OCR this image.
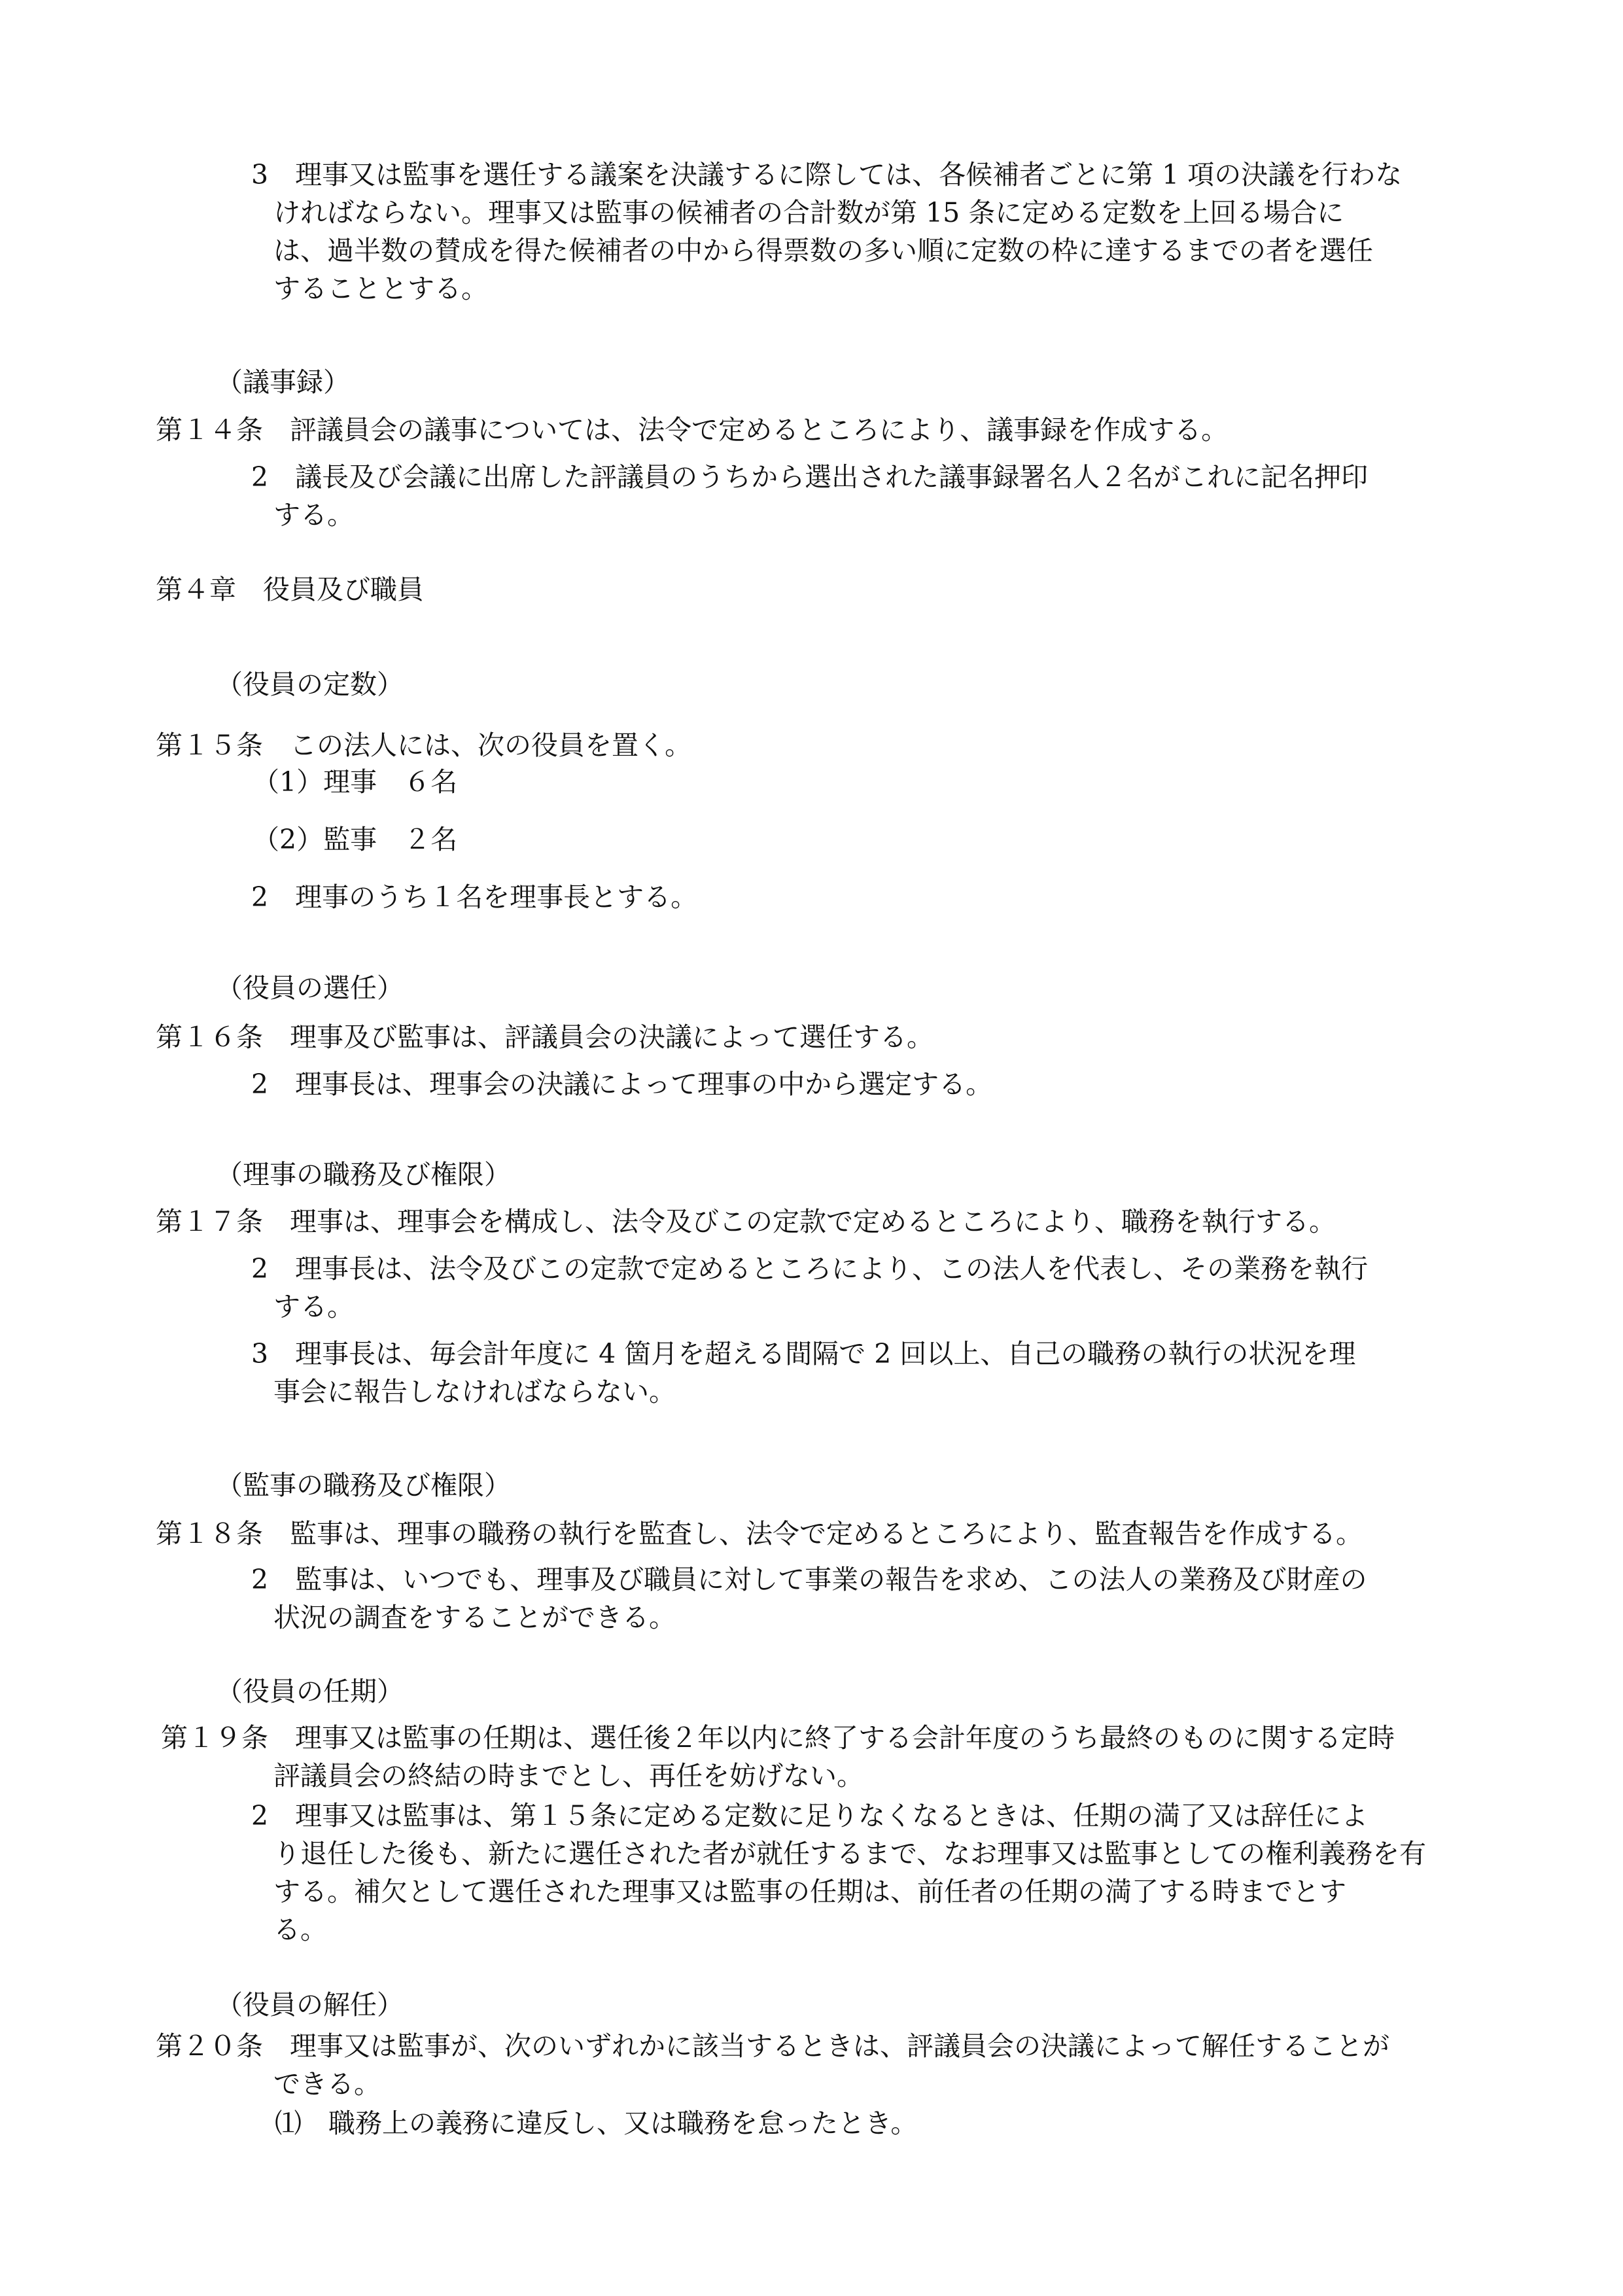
3　理事又は監事を選任する議案を決議するに際しては、各候補者ごとに第 1 項の決議を行わな
ければならない。理事又は監事の候補者の合計数が第 15 条に定める定数を上回る場合に
は、過半数の賛成を得た候補者の中から得票数の多い順に定数の枠に達するまでの者を選任
することとする。
（議事録）
第１４条　評議員会の議事については、法令で定めるところにより、議事録を作成する。
2　議長及び会議に出席した評議員のうちから選出された議事録署名人２名がこれに記名押印
する。
第４章　役員及び職員
（役員の定数）
第１５条　この法人には、次の役員を置く。
（1）理事　６名
（2）監事　２名
2　理事のうち１名を理事長とする。
（役員の選任）
第１６条　理事及び監事は、評議員会の決議によって選任する。
2　理事長は、理事会の決議によって理事の中から選定する。
（理事の職務及び権限）
第１７条　理事は、理事会を構成し、法令及びこの定款で定めるところにより、職務を執行する。
2　理事長は、法令及びこの定款で定めるところにより、この法人を代表し、その業務を執行
する。
3　理事長は、毎会計年度に 4 箇月を超える間隔で 2 回以上、自己の職務の執行の状況を理
事会に報告しなければならない。
（監事の職務及び権限）
第１８条　監事は、理事の職務の執行を監査し、法令で定めるところにより、監査報告を作成する。
2　監事は、いつでも、理事及び職員に対して事業の報告を求め、この法人の業務及び財産の
状況の調査をすることができる。
（役員の任期）
第１９条　理事又は監事の任期は、選任後２年以内に終了する会計年度のうち最終のものに関する定時
評議員会の終結の時までとし、再任を妨げない。
2　理事又は監事は、第１５条に定める定数に足りなくなるときは、任期の満了又は辞任によ
り退任した後も、新たに選任された者が就任するまで、なお理事又は監事としての権利義務を有
する。補欠として選任された理事又は監事の任期は、前任者の任期の満了する時までとす
る。
（役員の解任）
第２０条　理事又は監事が、次のいずれかに該当するときは、評議員会の決議によって解任することが
できる。
⑴　職務上の義務に違反し、又は職務を怠ったとき。
